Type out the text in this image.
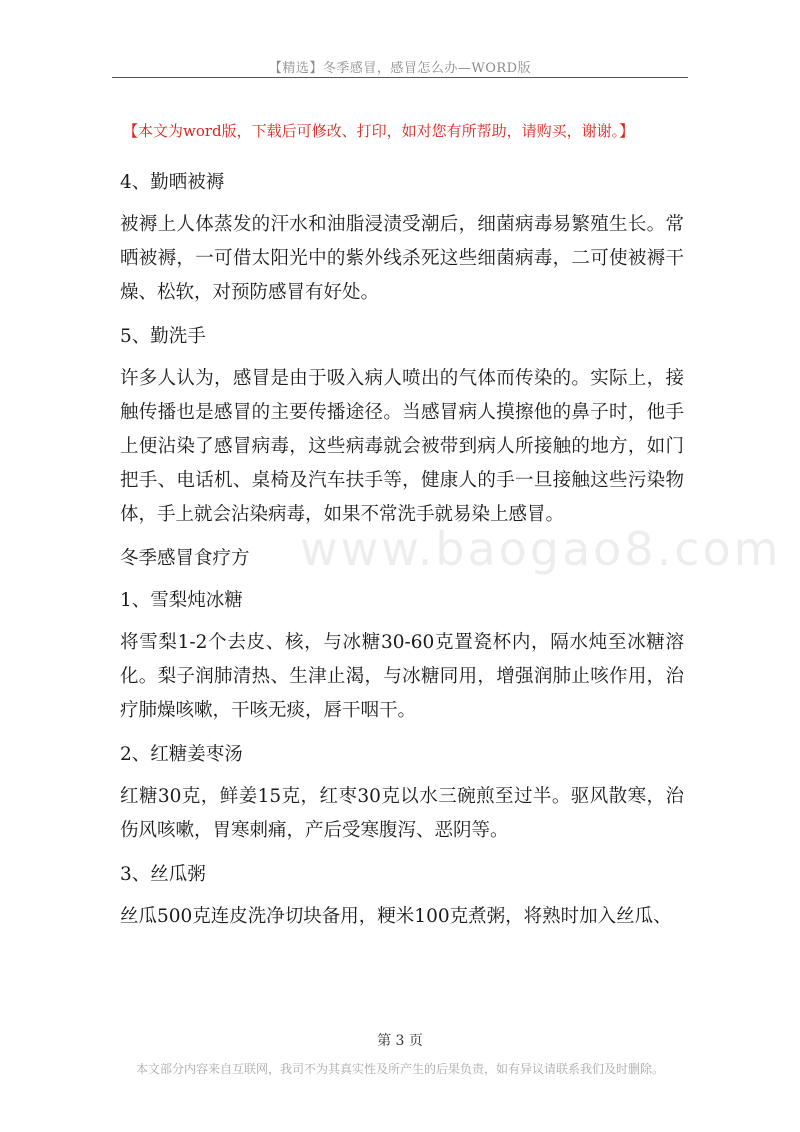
【精选】冬季感冒，感冒怎么办—WORD版
【本文为word版，下载后可修改、打印，如对您有所帮助，请购买，谢谢。】
www.baogao8.com

4、勤晒被褥

被褥上人体蒸发的汗水和油脂浸渍受潮后，细菌病毒易繁殖生长。常晒被褥，一可借太阳光中的紫外线杀死这些细菌病毒，二可使被褥干燥、松软，对预防感冒有好处。

5、勤洗手

许多人认为，感冒是由于吸入病人喷出的气体而传染的。实际上，接触传播也是感冒的主要传播途径。当感冒病人摸擦他的鼻子时，他手上便沾染了感冒病毒，这些病毒就会被带到病人所接触的地方，如门把手、电话机、桌椅及汽车扶手等，健康人的手一旦接触这些污染物体，手上就会沾染病毒，如果不常洗手就易染上感冒。

冬季感冒食疗方

1、雪梨炖冰糖

将雪梨1-2个去皮、核，与冰糖30-60克置瓷杯内，隔水炖至冰糖溶化。梨子润肺清热、生津止渴，与冰糖同用，增强润肺止咳作用，治疗肺燥咳嗽，干咳无痰，唇干咽干。

2、红糖姜枣汤

红糖30克，鲜姜15克，红枣30克以水三碗煎至过半。驱风散寒，治伤风咳嗽，胃寒刺痛，产后受寒腹泻、恶阴等。

3、丝瓜粥

丝瓜500克连皮洗净切块备用，粳米100克煮粥，将熟时加入丝瓜、

第 3 页
本文部分内容来自互联网，我司不为其真实性及所产生的后果负责，如有异议请联系我们及时删除。
